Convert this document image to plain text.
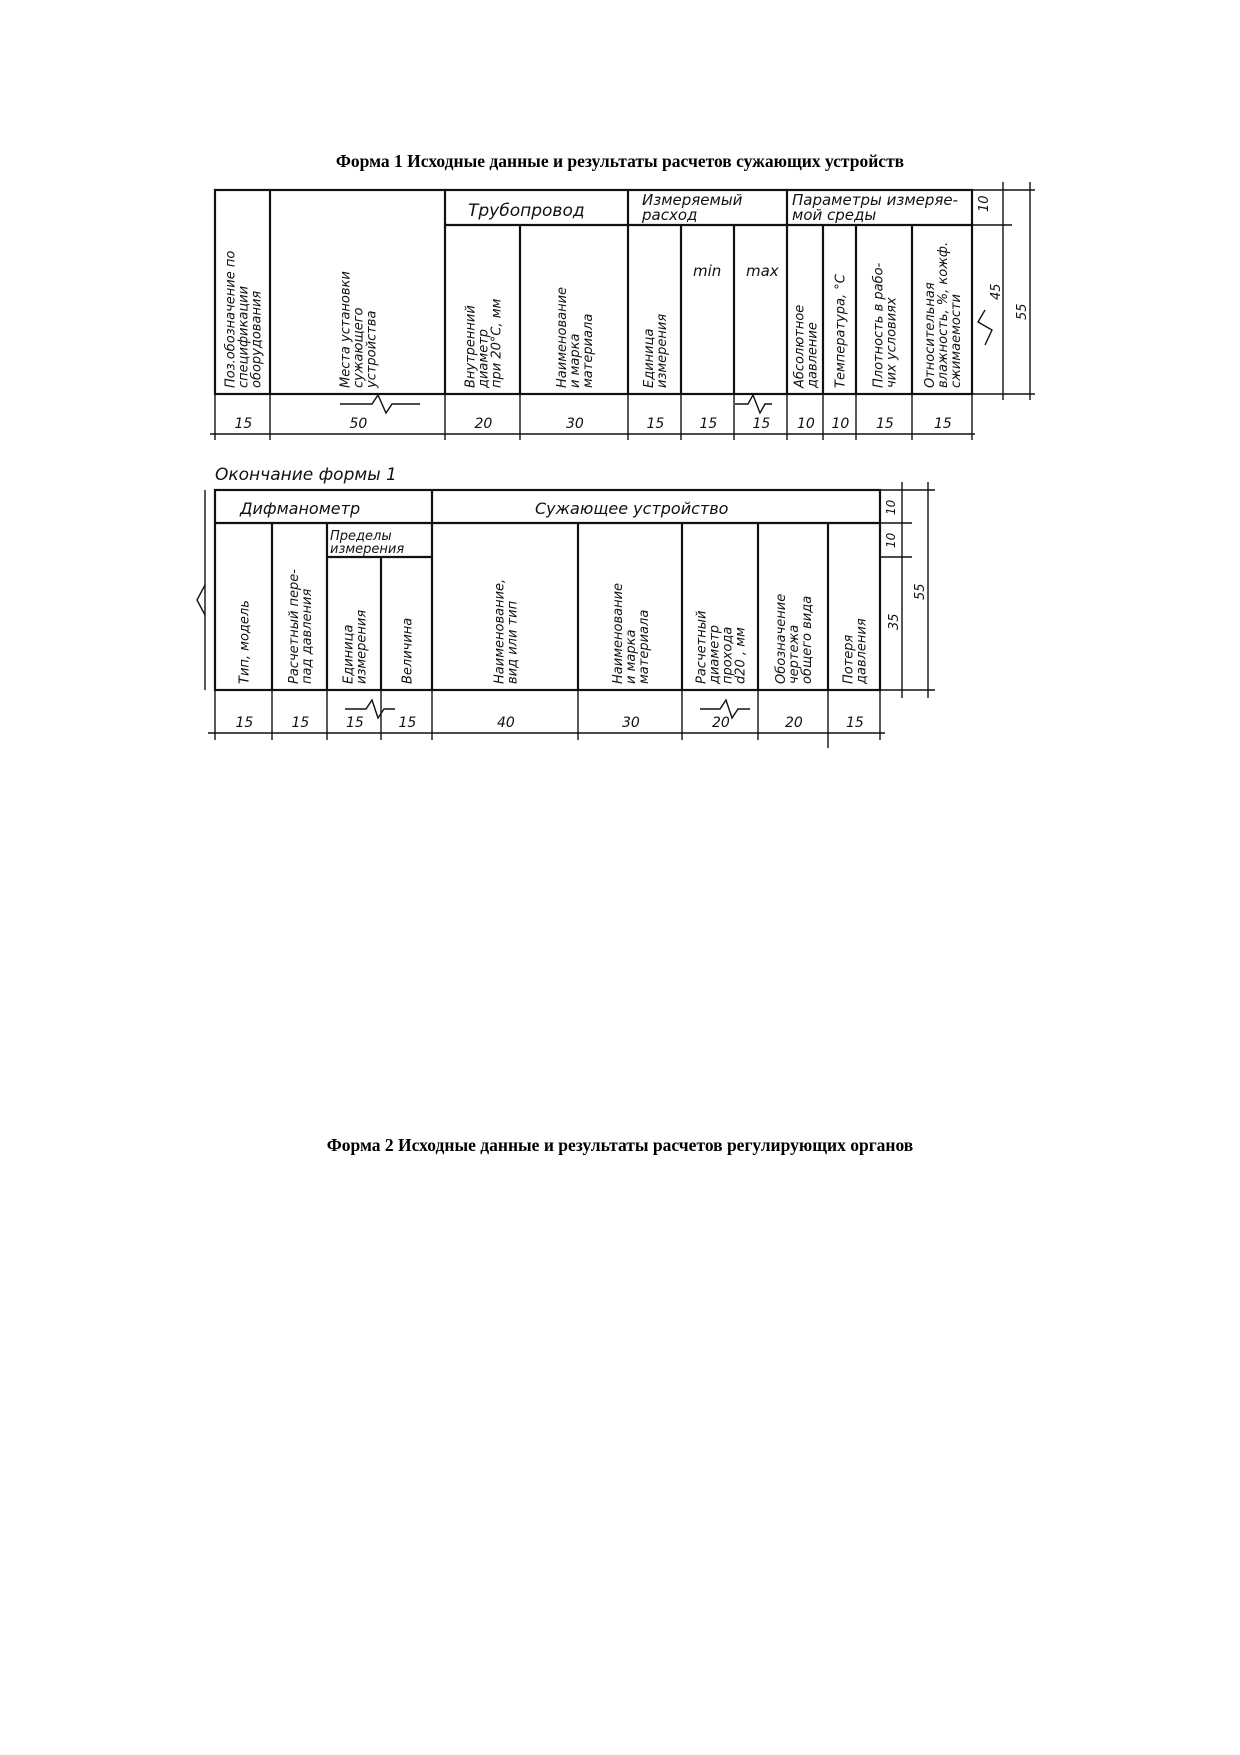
Форма 1 Исходные данные и результаты расчетов сужающих устройств
Форма 2 Исходные данные и результаты расчетов регулирующих органов
Трубопровод
Измеряемый
расход
Параметры измеряе-
мой среды
Поз.обозначение по
спецификации
оборудования
15
Места установки
сужающего
устройства
50
Внутренний
диаметр
при 20°С, мм
20
Наименование
и марка
материала
30
Единица
измерения
15
min
15
max
15
Абсолютное
давление
10
Температура, °С
10
Плотность в рабо-
чих условиях
15
Относительная
влажность, %, кожф.
сжимаемости
15
10
45
55
Окончание формы 1
Дифманометр
Пределы
измерения
Сужающее устройство
Тип, модель
15
Расчетный пере-
пад давления
15
Единица
измерения
15
Величина
15
Наименование,
вид или тип
40
Наименование
и марка
материала
30
Расчетный
диаметр
прохода
d20 , мм
20
Обозначение
чертежа
общего вида
20
Потеря
давления
15
10
10
35
55
